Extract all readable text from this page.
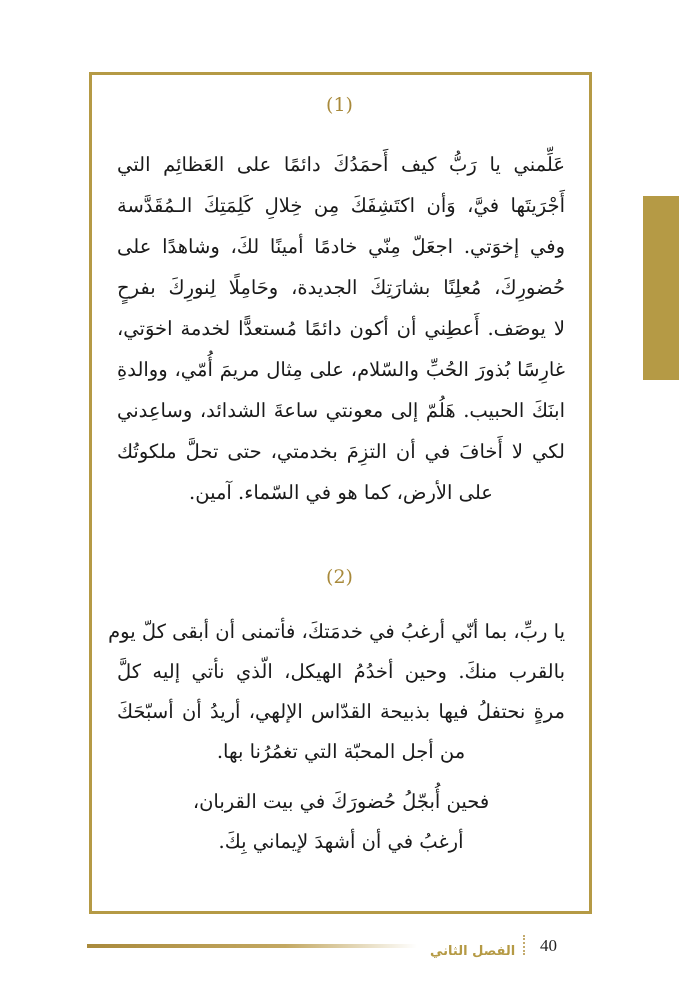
(1)
عَلِّمني يا رَبُّ كيف أَحمَدُكَ دائمًا على العَظائِم التي
أَجْرَيتَها فيَّ، وَأن اكتَشِفَكَ مِن خِلالِ كَلِمَتِكَ الـمُقَدَّسة
وفي إخوَتي. اجعَلّ مِنّي خادمًا أمينًا لكَ، وشاهدًا على
حُضورِكَ، مُعلِنًا بشارَتِكَ الجديدة، وحَامِلًا لِنورِكَ بفرحٍ
لا يوصَف. أَعطِني أن أكون دائمًا مُستعدًّا لخدمة اخوَتي،
غارِسًا بُذورَ الحُبِّ والسّلام، على مِثال مريمَ أُمّي، ووالدةِ
ابنَكَ الحبيب. هَلُمّ إلى معونتي ساعةَ الشدائد، وساعِدني
لكي لا أَخافَ في أن التزِمَ بخدمتي، حتى تحلَّ ملكوتُك
على الأرض، كما هو في السّماء. آمين.
(2)
يا ربِّ، بما أنّي أرغبُ في خدمَتكَ، فأتمنى أن أبقى كلّ يوم
بالقرب منكَ. وحين أخدُمُ الهيكل، الّذي نأتي إليه كلَّ
مرةٍ نحتفلُ فيها بذبيحة القدّاس الإلهي، أريدُ أن أسبّحَكَ
من أجل المحبّة التي تغمُرُنا بها.
فحين أُبجّلُ حُضورَكَ في بيت القربان،
أرغبُ في أن أشهدَ لإيماني بِكَ.
الفصل الثاني 40
